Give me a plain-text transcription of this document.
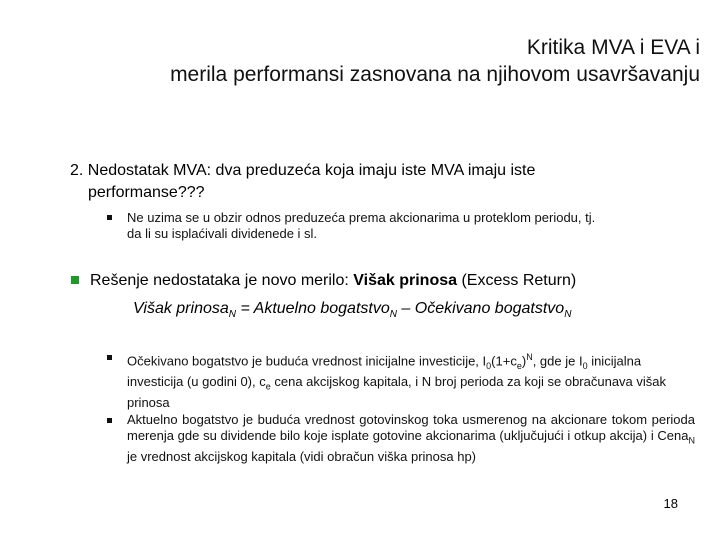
Kritika MVA i EVA i
merila performansi zasnovana na njihovom usavršavanju
2. Nedostatak MVA: dva preduzeća koja imaju iste MVA imaju iste
performanse???
Ne uzima se u obzir odnos preduzeća prema akcionarima u proteklom periodu, tj.
da li su isplaćivali dividenede i sl.
Rešenje nedostataka je novo merilo: Višak prinosa (Excess Return)
Višak prinosa$_N$ = Aktuelno bogatstvo$_N$ – Očekivano bogatstvo$_N$
Očekivano bogatstvo je buduća vrednost inicijalne investicije, $I_0(1+c_e)^N$, gde je $I_0$ inicijalna investicija (u godini 0), $c_e$ cena akcijskog kapitala, i N broj perioda za koji se obračunava višak prinosa
Aktuelno bogatstvo je buduća vrednost gotovinskog toka usmerenog na akcionare tokom perioda merenja gde su dividende bilo koje isplate gotovine akcionarima (uključujući i otkup akcija) i Cena$_N$ je vrednost akcijskog kapitala (vidi obračun viška prinosa hp)
18
